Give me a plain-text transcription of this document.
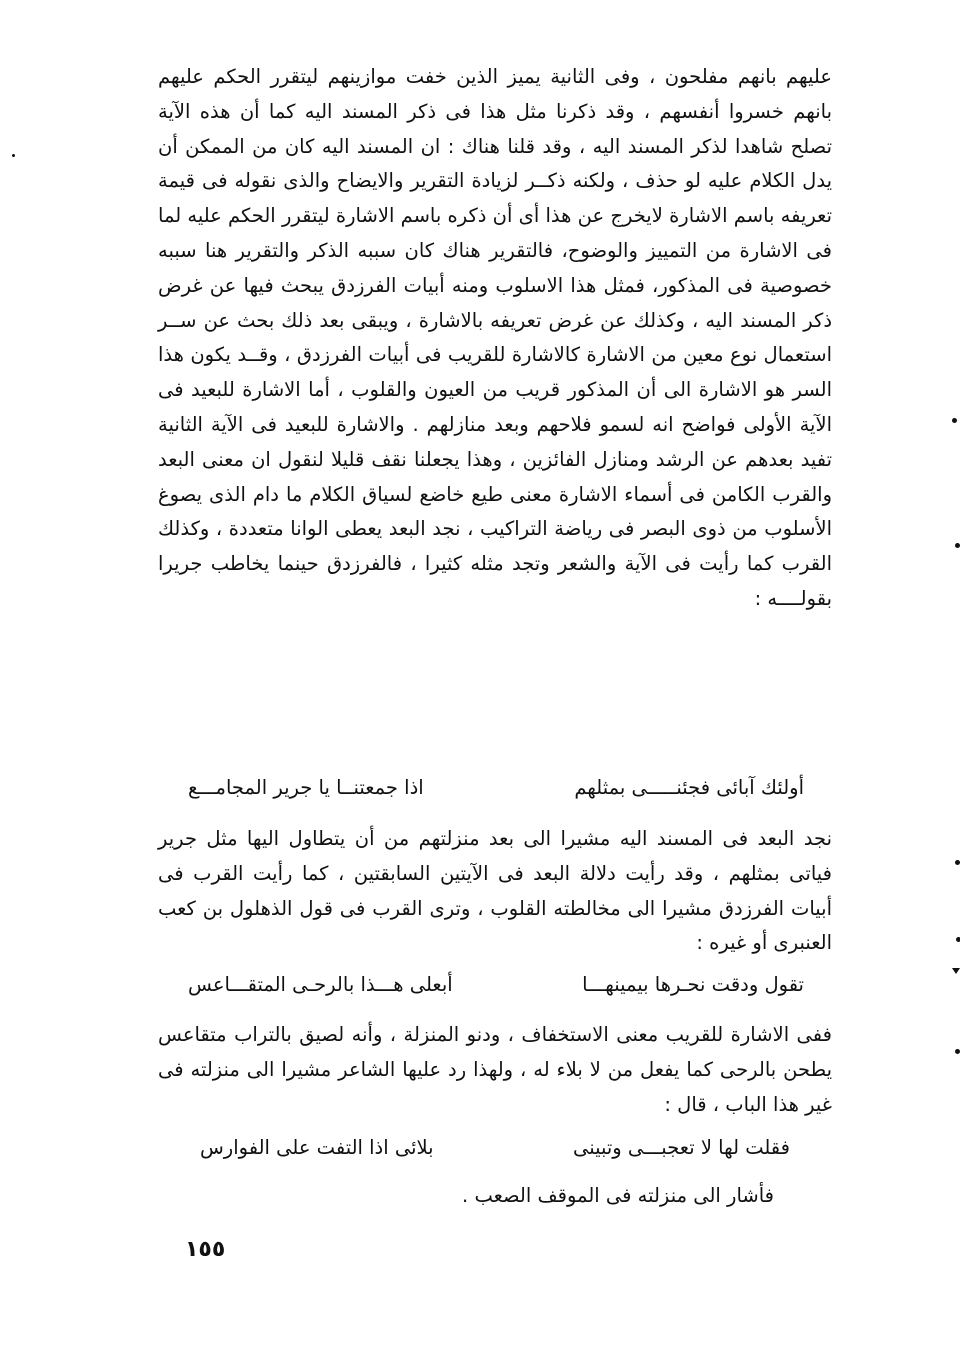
عليهم بانهم مفلحون ، وفى الثانية يميز الذين خفت موازينهم ليتقرر الحكم عليهم بانهم خسروا أنفسهم ، وقد ذكرنا مثل هذا فى ذكر المسند اليه كما أن هذه الآية تصلح شاهدا لذكر المسند اليه ، وقد قلنا هناك : ان المسند اليه كان من الممكن أن يدل الكلام عليه لو حذف ، ولكنه ذكــر لزيادة التقرير والايضاح والذى نقوله فى قيمة تعريفه باسم الاشارة لايخرج عن هذا أى أن ذكره باسم الاشارة ليتقرر الحكم عليه لما فى الاشارة من التمييز والوضوح، فالتقرير هناك كان سببه الذكر والتقرير هنا سببه خصوصية فى المذكور، فمثل هذا الاسلوب ومنه أبيات الفرزدق يبحث فيها عن غرض ذكر المسند اليه ، وكذلك عن غرض تعريفه بالاشارة ، ويبقى بعد ذلك بحث عن ســر استعمال نوع معين من الاشارة كالاشارة للقريب فى أبيات الفرزدق ، وقــد يكون هذا السر هو الاشارة الى أن المذكور قريب من العيون والقلوب ، أما الاشارة للبعيد فى الآية الأولى فواضح انه لسمو فلاحهم وبعد منازلهم . والاشارة للبعيد فى الآية الثانية تفيد بعدهم عن الرشد ومنازل الفائزين ، وهذا يجعلنا نقف قليلا لنقول ان معنى البعد والقرب الكامن فى أسماء الاشارة معنى طيع خاضع لسياق الكلام ما دام الذى يصوغ الأسلوب من ذوى البصر فى رياضة التراكيب ، نجد البعد يعطى الوانا متعددة ، وكذلك القرب كما رأيت فى الآية والشعر وتجد مثله كثيرا ، فالفرزدق حينما يخاطب جريرا بقولــــه :

أولئك آبائى فجئنـــــى بمثلهم
اذا جمعتنــا يا جرير المجامـــع

نجد البعد فى المسند اليه مشيرا الى بعد منزلتهم من أن يتطاول اليها مثل جرير فياتى بمثلهم ، وقد رأيت دلالة البعد فى الآيتين السابقتين ، كما رأيت القرب فى أبيات الفرزدق مشيرا الى مخالطته القلوب ، وترى القرب فى قول الذهلول بن كعب العنبرى أو غيره :

تقول ودقت نحـرها بيمينهـــا
أبعلى هـــذا بالرحـى المتقـــاعس

ففى الاشارة للقريب معنى الاستخفاف ، ودنو المنزلة ، وأنه لصيق بالتراب متقاعس يطحن بالرحى كما يفعل من لا بلاء له ، ولهذا رد عليها الشاعر مشيرا الى منزلته فى غير هذا الباب ، قال :

فقلت لها لا تعجبـــى وتبينى
بلائى اذا التفت على الفوارس
فأشار الى منزلته فى الموقف الصعب .
١٥٥
